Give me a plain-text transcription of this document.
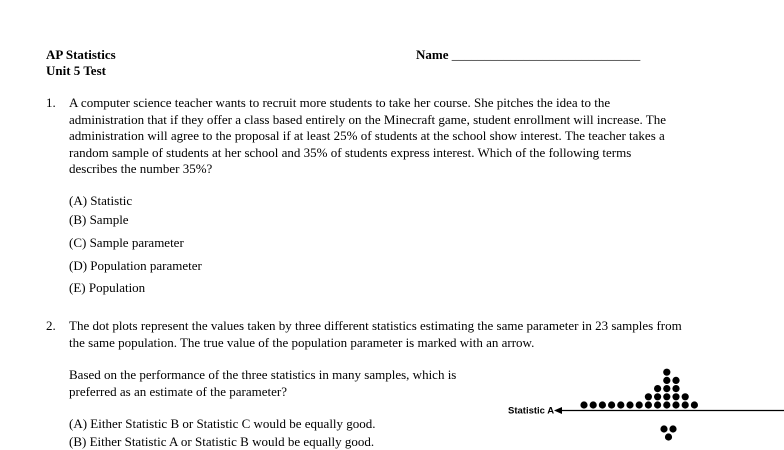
AP Statistics
Unit 5 Test
Name _____________________________
1. A computer science teacher wants to recruit more students to take her course. She pitches the idea to the
administration that if they offer a class based entirely on the Minecraft game, student enrollment will increase. The
administration will agree to the proposal if at least 25% of students at the school show interest. The teacher takes a
random sample of students at her school and 35% of students express interest. Which of the following terms
describes the number 35%?
(A) Statistic
(B) Sample
(C) Sample parameter
(D) Population parameter
(E) Population
2. The dot plots represent the values taken by three different statistics estimating the same parameter in 23 samples from
the same population. The true value of the population parameter is marked with an arrow.
Based on the performance of the three statistics in many samples, which is
preferred as an estimate of the parameter?
(A) Either Statistic B or Statistic C would be equally good.
(B) Either Statistic A or Statistic B would be equally good.
Statistic A
